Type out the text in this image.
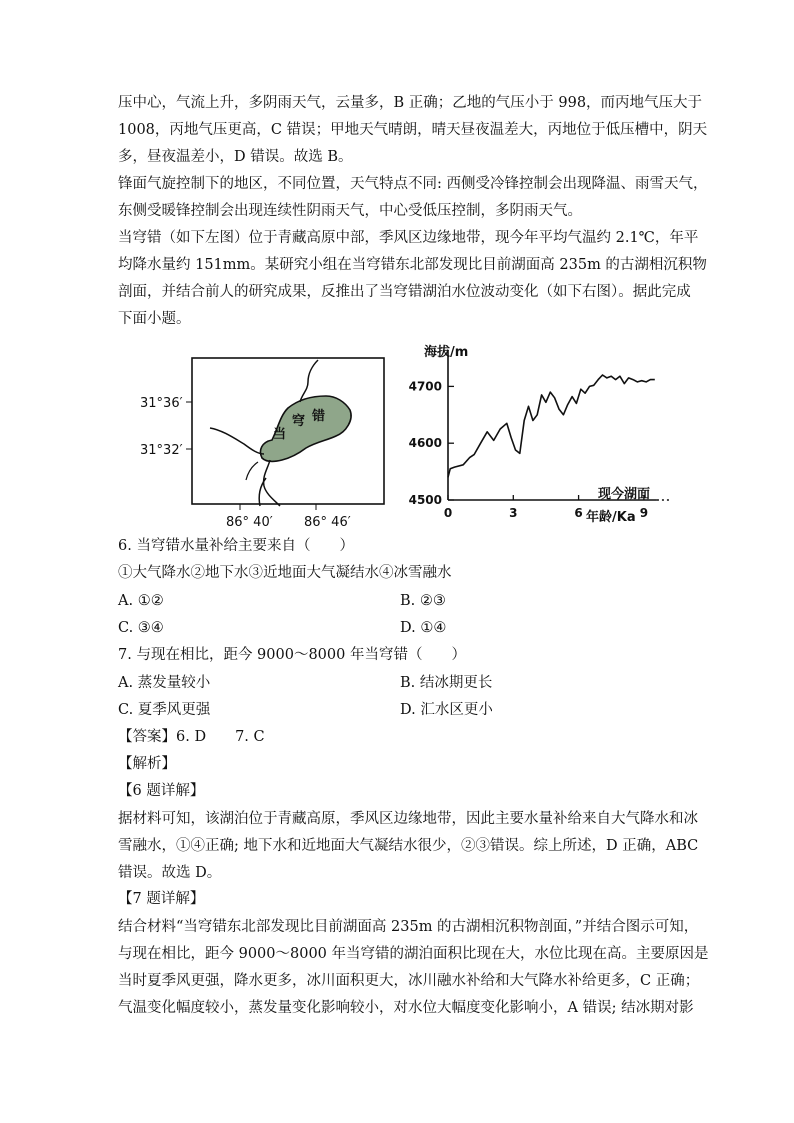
压中心，气流上升，多阴雨天气，云量多，B 正确；乙地的气压小于 998，而丙地气压大于
1008，丙地气压更高，C 错误；甲地天气晴朗，晴天昼夜温差大，丙地位于低压槽中，阴天
多，昼夜温差小，D 错误。故选 B。
锋面气旋控制下的地区，不同位置，天气特点不同: 西侧受冷锋控制会出现降温、雨雪天气，
东侧受暖锋控制会出现连续性阴雨天气，中心受低压控制，多阴雨天气。
当穹错（如下左图）位于青藏高原中部，季风区边缘地带，现今年平均气温约 2.1℃，年平
均降水量约 151mm。某研究小组在当穹错东北部发现比目前湖面高 235m 的古湖相沉积物
剖面，并结合前人的研究成果，反推出了当穹错湖泊水位波动变化（如下右图）。据此完成
下面小题。
当
穹 错
31°36′
31°32′
86° 40′ 86° 46′
海拔/m
现今湖面
年龄/Ka
4500
4600
4700
0	3	6	9
6. 当穹错水量补给主要来自（　　）
①大气降水②地下水③近地面大气凝结水④冰雪融水
A. ①②	B. ②③
C. ③④	D. ①④
7. 与现在相比，距今 9000～8000 年当穹错（　　）
A. 蒸发量较小	B. 结冰期更长
C. 夏季风更强	D. 汇水区更小
【答案】6. D　　7. C
【解析】
【6 题详解】
据材料可知，该湖泊位于青藏高原，季风区边缘地带，因此主要水量补给来自大气降水和冰
雪融水，①④正确; 地下水和近地面大气凝结水很少，②③错误。综上所述，D 正确，ABC
错误。故选 D。
【7 题详解】
结合材料“当穹错东北部发现比目前湖面高 235m 的古湖相沉积物剖面，”并结合图示可知，
与现在相比，距今 9000～8000 年当穹错的湖泊面积比现在大，水位比现在高。主要原因是
当时夏季风更强，降水更多，冰川面积更大，冰川融水补给和大气降水补给更多，C 正确；
气温变化幅度较小，蒸发量变化影响较小，对水位大幅度变化影响小，A 错误; 结冰期对影
